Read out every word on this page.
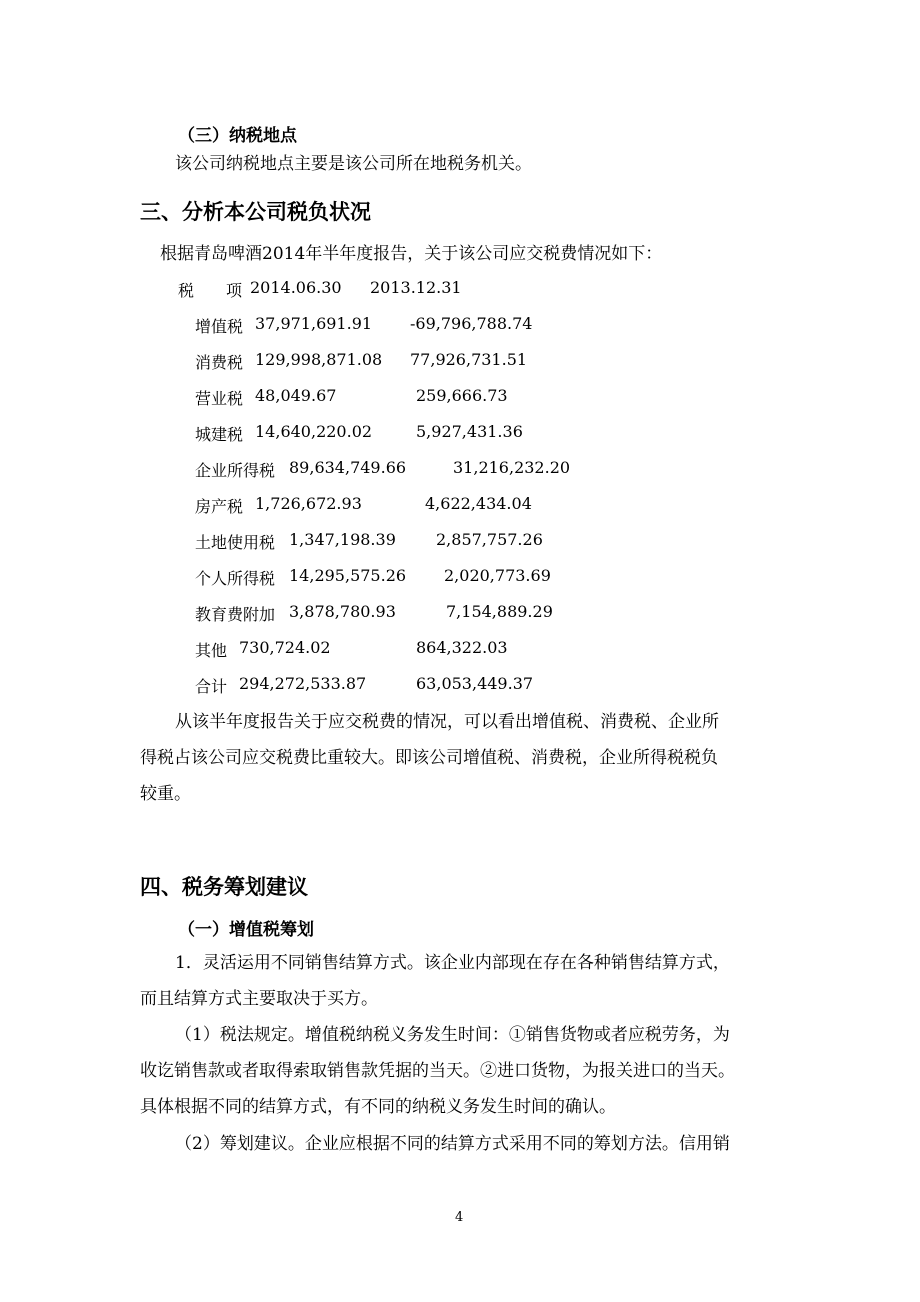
（三）纳税地点
该公司纳税地点主要是该公司所在地税务机关。
三、分析本公司税负状况
根据青岛啤酒2014年半年度报告，关于该公司应交税费情况如下：
税　　项 2014.06.30 2013.12.31
增值税 37,971,691.91 -69,796,788.74
消费税 129,998,871.08 77,926,731.51
营业税 48,049.67	259,666.73
城建税 14,640,220.02	5,927,431.36
企业所得税 89,634,749.66	31,216,232.20
房产税 1,726,672.93	4,622,434.04
土地使用税 1,347,198.39	2,857,757.26
个人所得税 14,295,575.26 2,020,773.69
教育费附加 3,878,780.93	7,154,889.29
其他 730,724.02	864,322.03
合计 294,272,533.87	63,053,449.37
从该半年度报告关于应交税费的情况，可以看出增值税、消费税、企业所
得税占该公司应交税费比重较大。即该公司增值税、消费税，企业所得税税负
较重。
四、税务筹划建议
（一）增值税筹划
1．灵活运用不同销售结算方式。该企业内部现在存在各种销售结算方式，
而且结算方式主要取决于买方。
（1）税法规定。增值税纳税义务发生时间：①销售货物或者应税劳务，为
收讫销售款或者取得索取销售款凭据的当天。②进口货物，为报关进口的当天。
具体根据不同的结算方式，有不同的纳税义务发生时间的确认。
（2）筹划建议。企业应根据不同的结算方式采用不同的筹划方法。信用销
4
